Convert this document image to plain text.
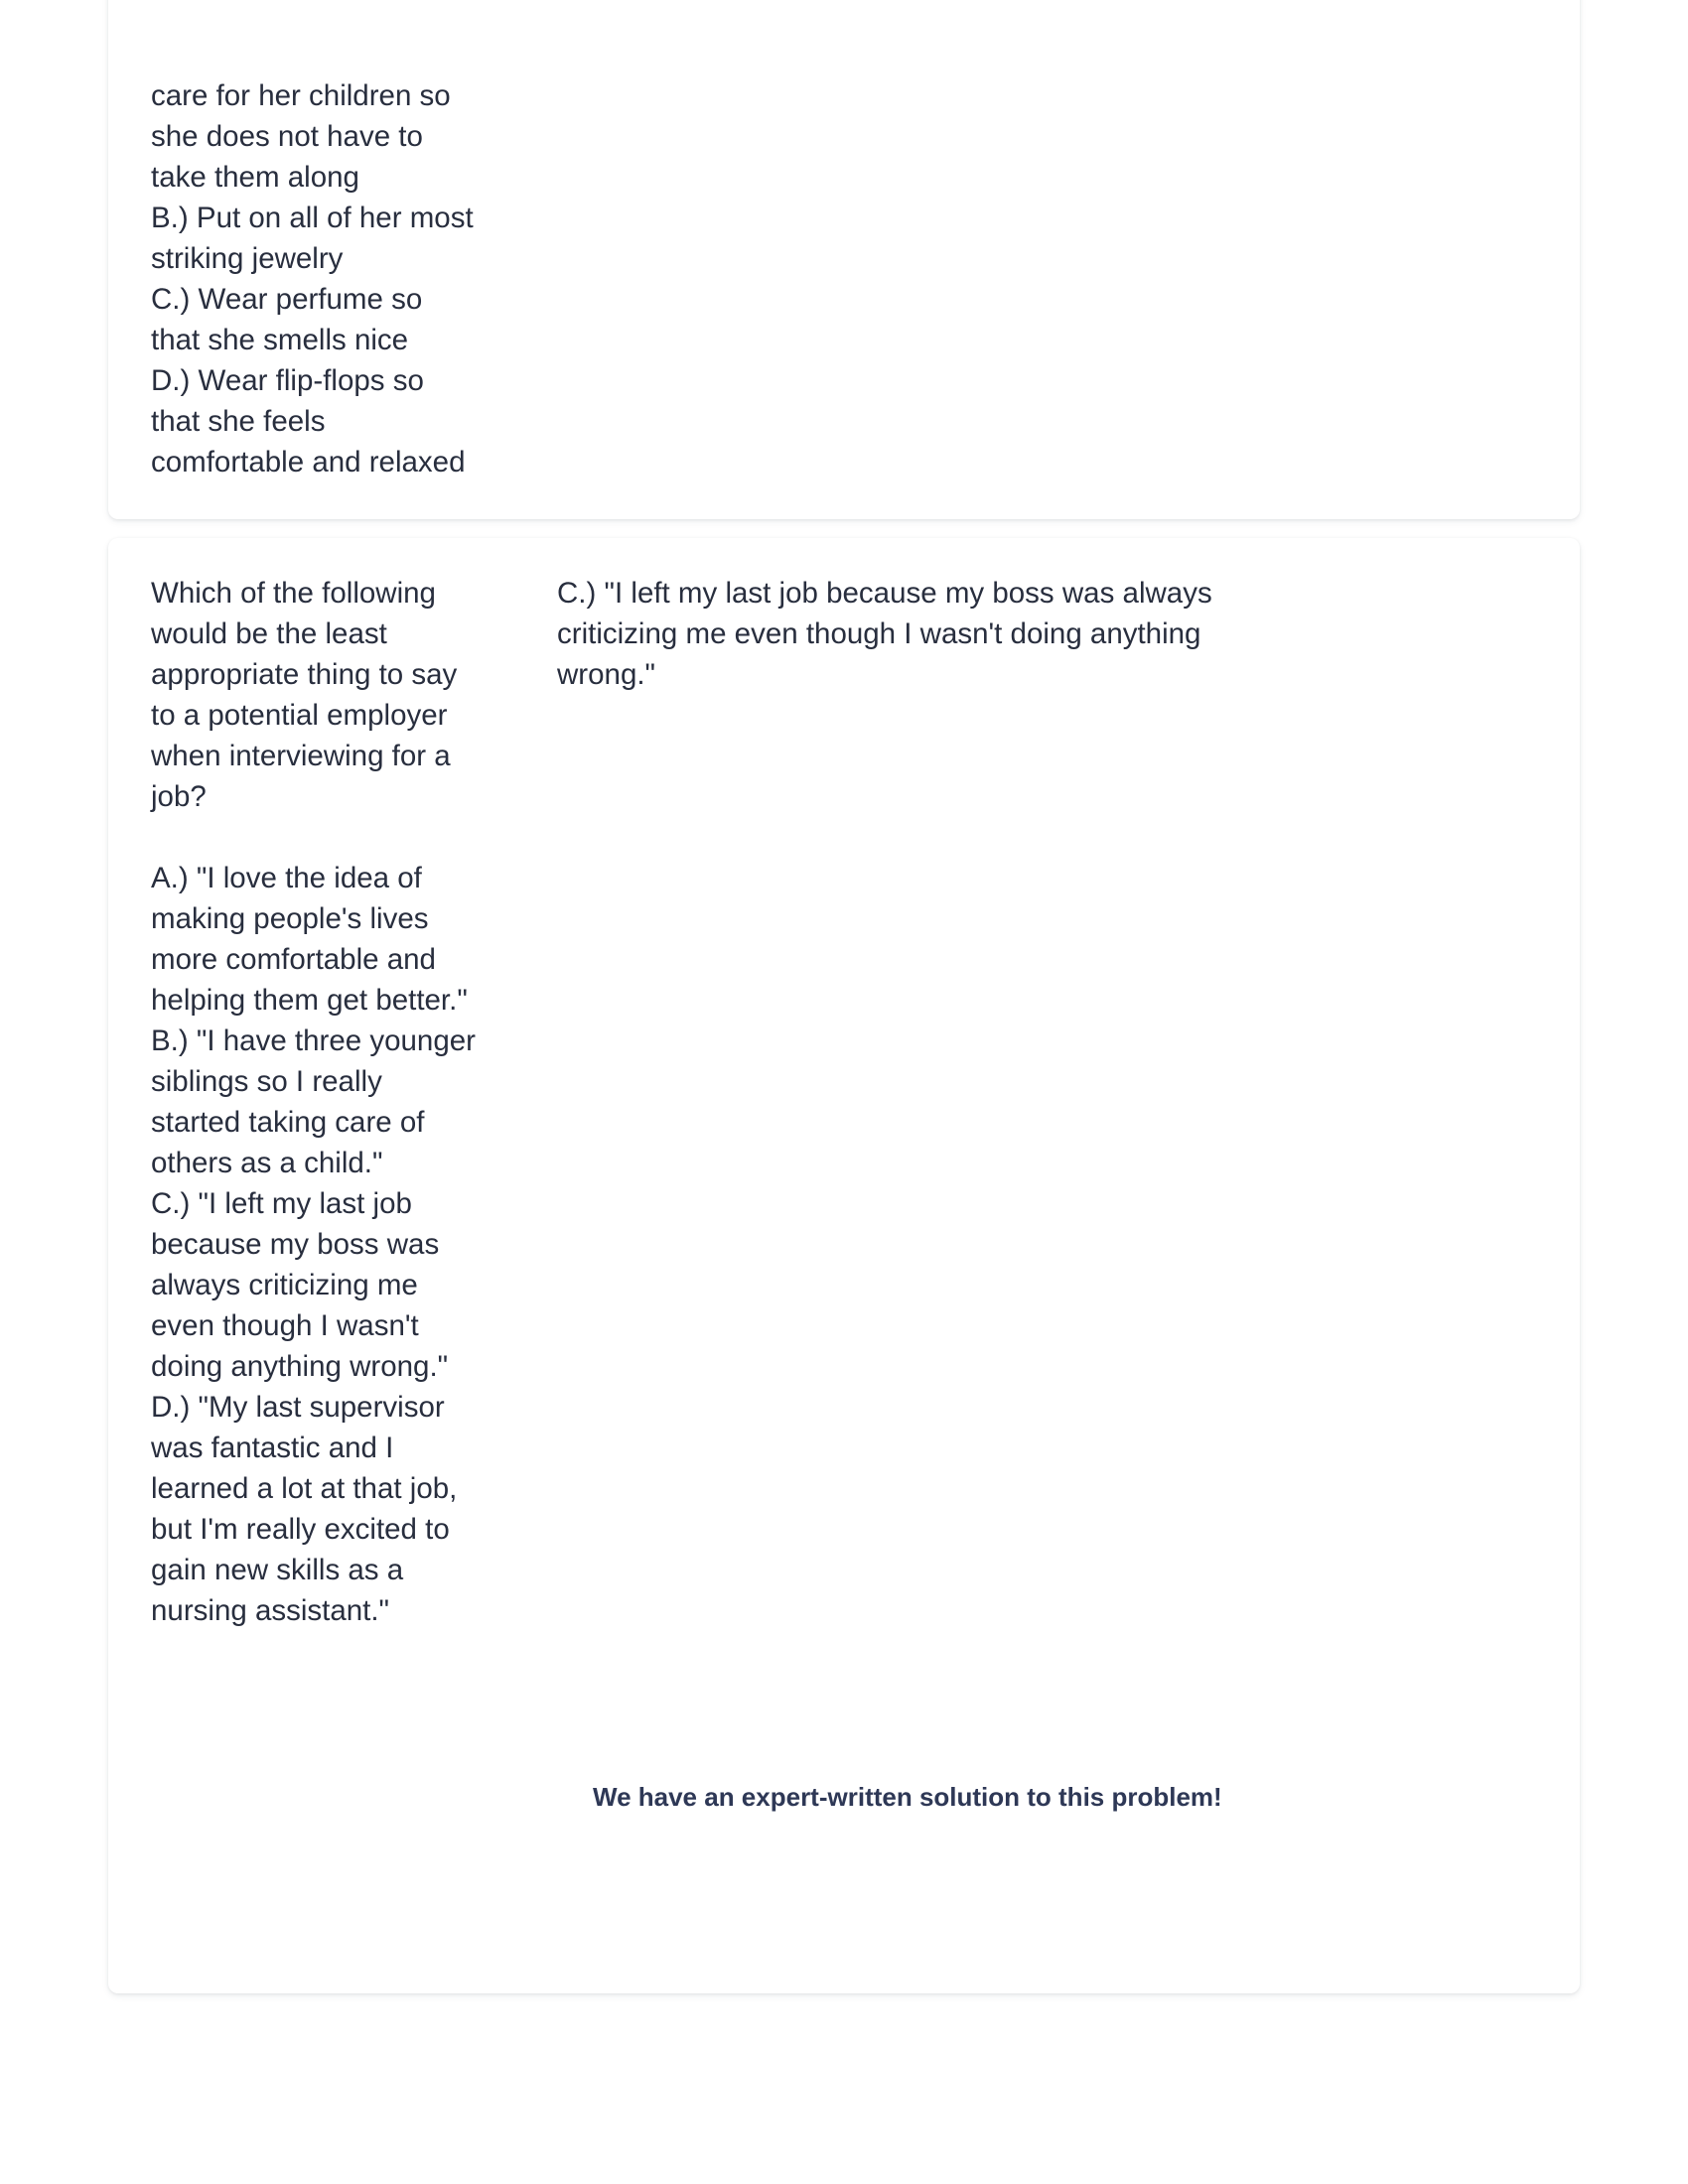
care for her children so
she does not have to
take them along
B.) Put on all of her most
striking jewelry
C.) Wear perfume so
that she smells nice
D.) Wear flip-flops so
that she feels
comfortable and relaxed

Which of the following
would be the least
appropriate thing to say
to a potential employer
when interviewing for a
job?

A.) "I love the idea of
making people's lives
more comfortable and
helping them get better."
B.) "I have three younger
siblings so I really
started taking care of
others as a child."
C.) "I left my last job
because my boss was
always criticizing me
even though I wasn't
doing anything wrong."
D.) "My last supervisor
was fantastic and I
learned a lot at that job,
but I'm really excited to
gain new skills as a
nursing assistant."

C.) "I left my last job because my boss was always criticizing me even though I wasn't doing anything wrong."

We have an expert-written solution to this problem!
